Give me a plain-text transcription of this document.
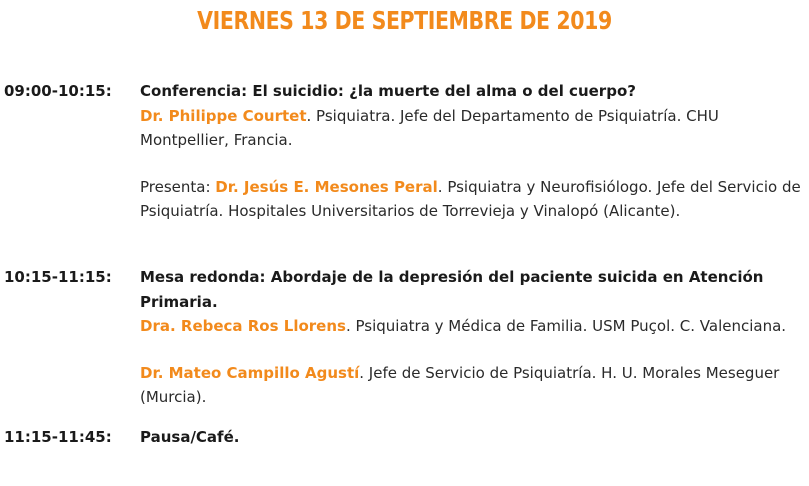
VIERNES 13 DE SEPTIEMBRE DE 2019
09:00-10:15: Conferencia: El suicidio: ¿la muerte del alma o del cuerpo?

Dr. Philippe Courtet. Psiquiatra. Jefe del Departamento de Psiquiatría. CHU Montpellier, Francia.

Presenta: Dr. Jesús E. Mesones Peral. Psiquiatra y Neurofisiólogo. Jefe del Servicio de Psiquiatría. Hospitales Universitarios de Torrevieja y Vinalopó (Alicante).

10:15-11:15: Mesa redonda: Abordaje de la depresión del paciente suicida en Atención Primaria.

Dra. Rebeca Ros Llorens. Psiquiatra y Médica de Familia. USM Puçol. C. Valenciana.

Dr. Mateo Campillo Agustí. Jefe de Servicio de Psiquiatría. H. U. Morales Meseguer (Murcia).

11:15-11:45: Pausa/Café.
